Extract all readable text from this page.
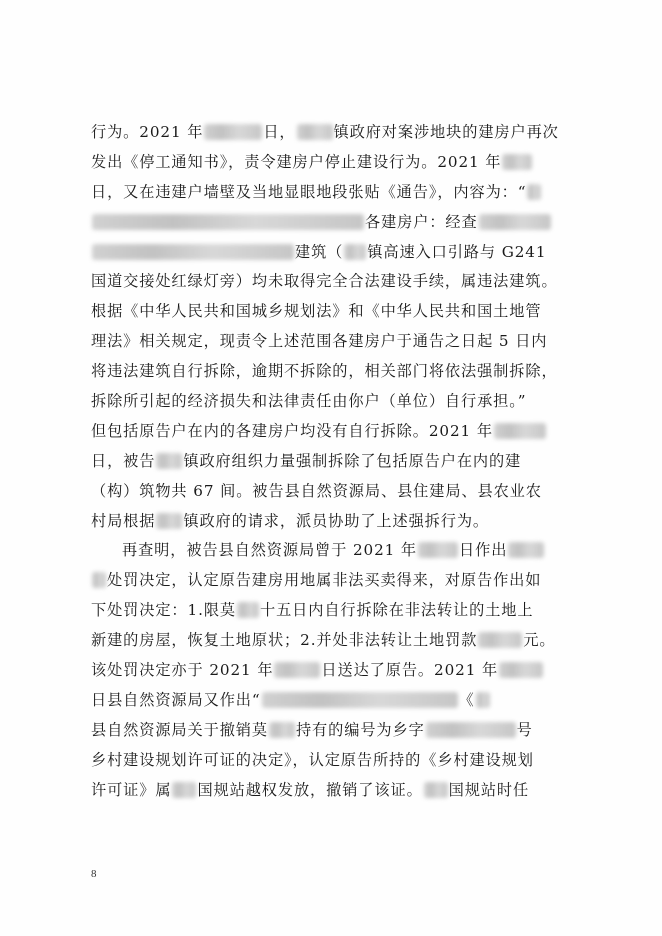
行为。2021 年	日，	镇政府对案涉地块的建房户再次
发出《停工通知书》，责令建房户停止建设行为。2021 年
日，又在违建户墙壁及当地显眼地段张贴《通告》，内容为：“
各建房户：经查
建筑（ 镇高速入口引路与 G241
国道交接处红绿灯旁）均未取得完全合法建设手续，属违法建筑。
根据《中华人民共和国城乡规划法》和《中华人民共和国土地管
理法》相关规定，现责令上述范围各建房户于通告之日起 5 日内
将违法建筑自行拆除，逾期不拆除的，相关部门将依法强制拆除，
拆除所引起的经济损失和法律责任由你户（单位）自行承担。”
但包括原告户在内的各建房户均没有自行拆除。2021 年
日，被告 镇政府组织力量强制拆除了包括原告户在内的建
（构）筑物共 67 间。被告县自然资源局、县住建局、县农业农
村局根据 镇政府的请求，派员协助了上述强拆行为。
再查明，被告县自然资源局曾于 2021 年	日作出
处罚决定，认定原告建房用地属非法买卖得来，对原告作出如
下处罚决定：1.限莫 十五日内自行拆除在非法转让的土地上
新建的房屋，恢复土地原状；2.并处非法转让土地罚款	元。
该处罚决定亦于 2021 年	日送达了原告。2021 年
日县自然资源局又作出“	《
县自然资源局关于撤销莫 持有的编号为乡字	号
乡村建设规划许可证的决定》，认定原告所持的《乡村建设规划
许可证》属 国规站越权发放，撤销了该证。 国规站时任
8
